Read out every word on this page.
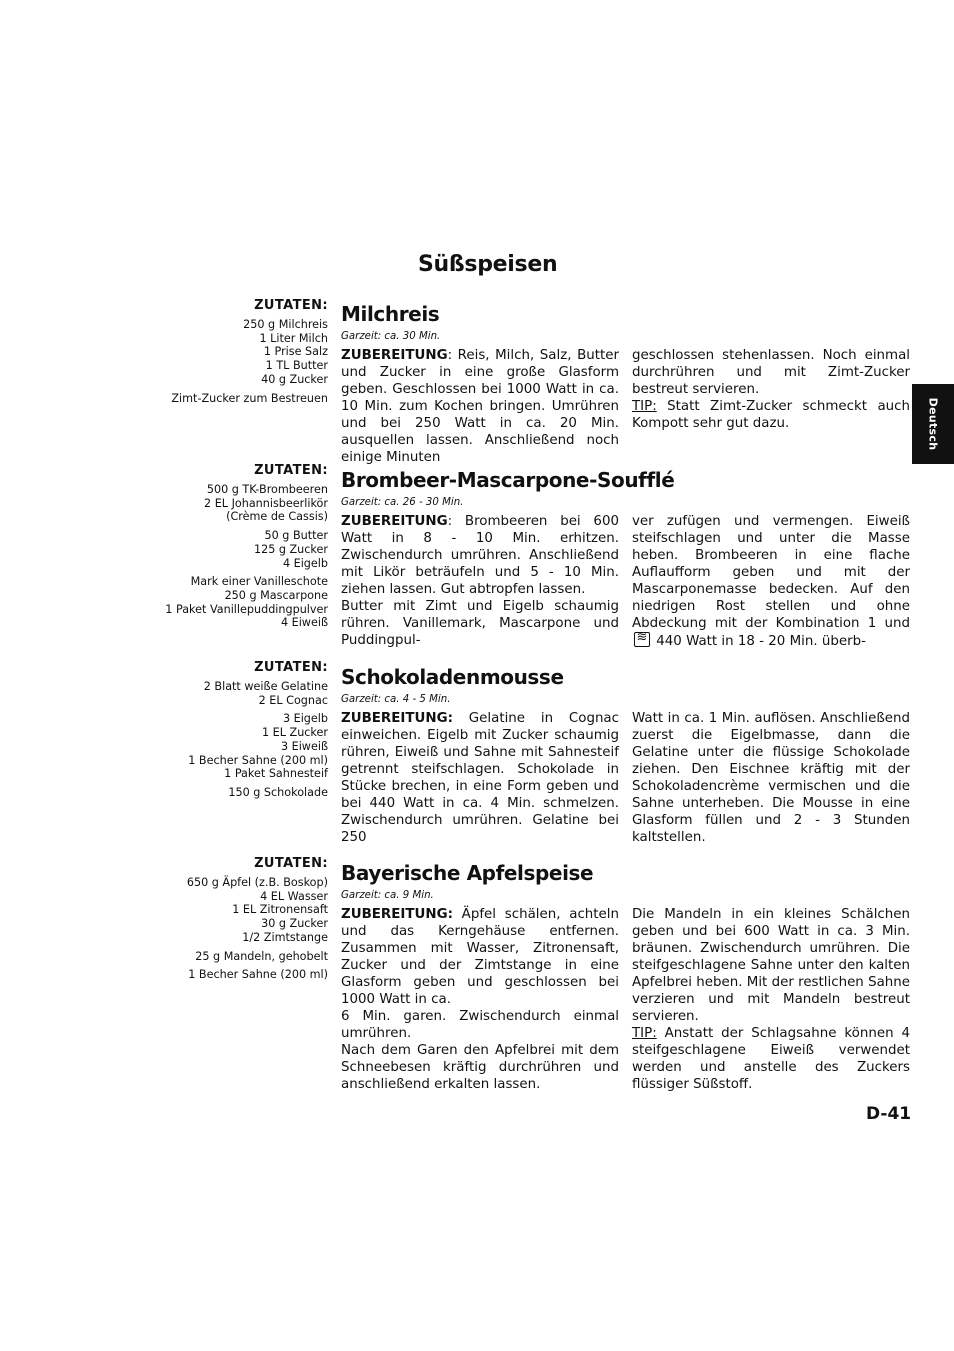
Süßspeisen
Deutsch
ZUTATEN:
250 g Milchreis
1 Liter Milch
1 Prise Salz
1 TL Butter
40 g Zucker
Zimt-Zucker zum Bestreuen
Milchreis
Garzeit: ca. 30 Min.

ZUBEREITUNG: Reis, Milch, Salz, Butter und Zucker in eine große Glasform geben. Geschlossen bei 1000 Watt in ca. 10 Min. zum Kochen bringen. Umrühren und bei 250 Watt in ca. 20 Min. ausquellen lassen. Anschließend noch einige Minuten

geschlossen stehenlassen. Noch einmal durchrühren und mit Zimt-Zucker bestreut servieren.

TIP: Statt Zimt-Zucker schmeckt auch Kompott sehr gut dazu.

ZUTATEN:
500 g TK-Brombeeren
2 EL Johannisbeerlikör
(Crème de Cassis)
50 g Butter
125 g Zucker
4 Eigelb
Mark einer Vanilleschote
250 g Mascarpone
1 Paket Vanillepuddingpulver
4 Eiweiß
Brombeer-Mascarpone-Soufflé
Garzeit: ca. 26 - 30 Min.

ZUBEREITUNG: Brombeeren bei 600 Watt in 8 - 10 Min. erhitzen. Zwischendurch umrühren. Anschließend mit Likör beträufeln und 5 - 10 Min. ziehen lassen. Gut abtropfen lassen.

Butter mit Zimt und Eigelb schaumig rühren. Vanillemark, Mascarpone und Puddingpul-

ver zufügen und vermengen. Eiweiß steifschlagen und unter die Masse heben. Brombeeren in eine flache Auflaufform geben und mit der Mascarponemasse bedecken. Auf den niedrigen Rost stellen und ohne Abdeckung mit der Kombination 1 und ≋ 440 Watt in 18 - 20 Min. überb-

ZUTATEN:
2 Blatt weiße Gelatine
2 EL Cognac
3 Eigelb
1 EL Zucker
3 Eiweiß
1 Becher Sahne (200 ml)
1 Paket Sahnesteif
150 g Schokolade
Schokoladenmousse
Garzeit: ca. 4 - 5 Min.

ZUBEREITUNG: Gelatine in Cognac einweichen. Eigelb mit Zucker schaumig rühren, Eiweiß und Sahne mit Sahnesteif getrennt steifschlagen. Schokolade in Stücke brechen, in eine Form geben und bei 440 Watt in ca. 4 Min. schmelzen. Zwischendurch umrühren. Gelatine bei 250

Watt in ca. 1 Min. auflösen. Anschließend zuerst die Eigelbmasse, dann die Gelatine unter die flüssige Schokolade ziehen. Den Eischnee kräftig mit der Schokoladencrème vermischen und die Sahne unterheben. Die Mousse in eine Glasform füllen und 2 - 3 Stunden kaltstellen.

ZUTATEN:
650 g Äpfel (z.B. Boskop)
4 EL Wasser
1 EL Zitronensaft
30 g Zucker
1/2 Zimtstange
25 g Mandeln, gehobelt
1 Becher Sahne (200 ml)
Bayerische Apfelspeise
Garzeit: ca. 9 Min.

ZUBEREITUNG: Äpfel schälen, achteln und das Kerngehäuse entfernen. Zusammen mit Wasser, Zitronensaft, Zucker und der Zimtstange in eine Glasform geben und geschlossen bei 1000 Watt in ca.

6 Min. garen. Zwischendurch einmal umrühren.

Nach dem Garen den Apfelbrei mit dem Schneebesen kräftig durchrühren und anschließend erkalten lassen.

Die Mandeln in ein kleines Schälchen geben und bei 600 Watt in ca. 3 Min. bräunen. Zwischendurch umrühren. Die steifgeschlagene Sahne unter den kalten Apfelbrei heben. Mit der restlichen Sahne verzieren und mit Mandeln bestreut servieren.

TIP: Anstatt der Schlagsahne können 4 steifgeschlagene Eiweiß verwendet werden und anstelle des Zuckers flüssiger Süßstoff.

D-41
